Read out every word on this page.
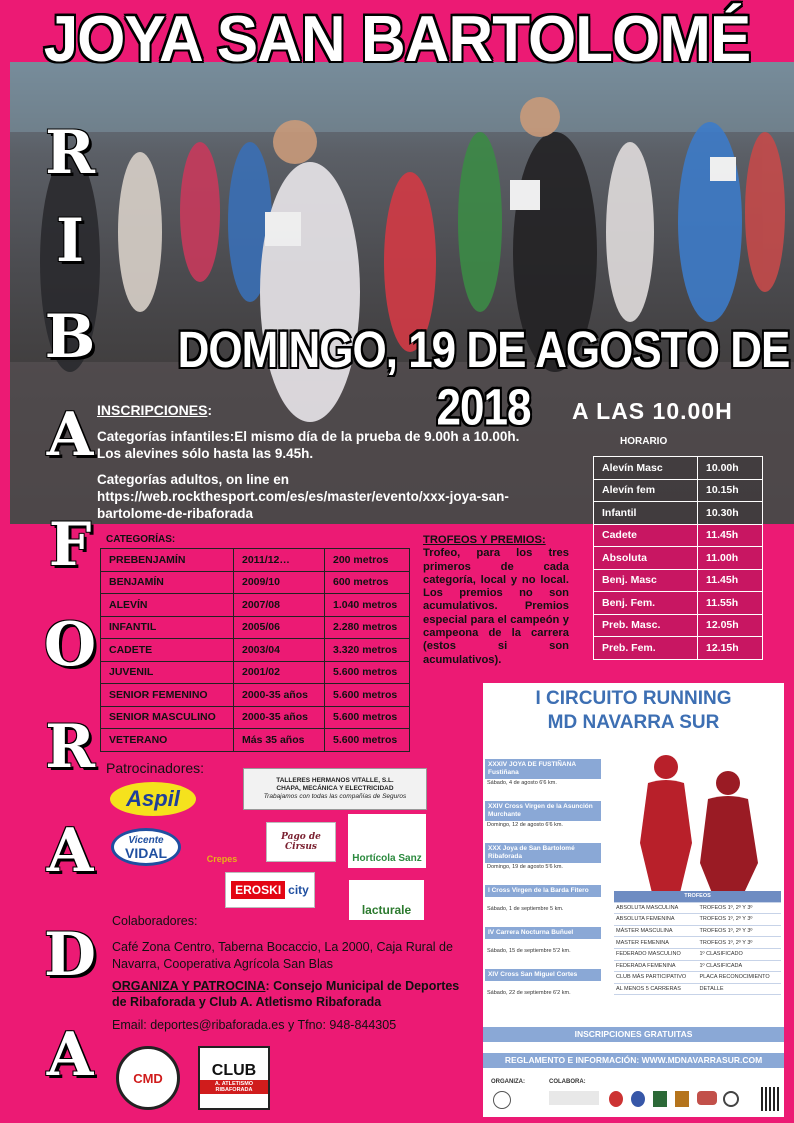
JOYA SAN BARTOLOMÉ
R
I
B
A
F
O
R
A
D
A
DOMINGO, 19 DE AGOSTO DE 2018	A LAS 10.00H

INSCRIPCIONES:

Categorías infantiles:El mismo día de la prueba de 9.00h a 10.00h. Los alevines sólo hasta las 9.45h.

Categorías adultos, on line en https://web.rockthesport.com/es/es/master/evento/xxx-joya-san-bartolome-de-ribaforada

HORARIO
Alevín Masc	10.00h
Alevín fem	10.15h
Infantil	10.30h
Cadete	11.45h
Absoluta	11.00h
Benj. Masc	11.45h
Benj. Fem.	11.55h
Preb. Masc.	12.05h
Preb. Fem.	12.15h
CATEGORÍAS:
PREBENJAMÍN	2011/12…	200 metros
BENJAMÍN	2009/10	600 metros
ALEVÍN	2007/08	1.040 metros
INFANTIL	2005/06	2.280 metros
CADETE	2003/04	3.320 metros
JUVENIL	2001/02	5.600 metros
SENIOR FEMENINO	2000-35 años	5.600 metros
SENIOR MASCULINO	2000-35 años	5.600 metros
VETERANO	Más 35 años	5.600 metros
TROFEOS Y PREMIOS:
Trofeo, para los tres primeros de cada categoría, local y no local. Los premios no son acumulativos. Premios especial para el campeón y campeona de la carrera (estos si son acumulativos).
Patrocinadores:
Aspil
TALLERES HERMANOS VITALLE, S.L.
CHAPA, MECÁNICA Y ELECTRICIDAD
Trabajamos con todas las compañías de Seguros
Vicente
VIDAL	Crepes
Pago de Cirsus
Hortícola Sanz
EROSKI city
lacturale
Colaboradores:
Café Zona Centro, Taberna Bocaccio, La 2000, Caja Rural de Navarra, Cooperativa Agrícola San Blas
ORGANIZA Y PATROCINA: Consejo Municipal de Deportes de Ribaforada y Club A. Atletismo Ribaforada
Email: deportes@ribaforada.es y Tfno: 948-844305
CMD	CLUB
A. ATLETISMO RIBAFORADA
I CIRCUITO RUNNING
MD NAVARRA SUR
XXXIV JOYA DE FUSTIÑANA Fustiñana
Sábado, 4 de agosto 6'6 km.
XXIV Cross Virgen de la Asunción Murchante
Domingo, 12 de agosto 6'6 km.
XXX Joya de San Bartolomé Ribaforada
Domingo, 19 de agosto 5'6 km.
I Cross Virgen de la Barda Fitero
Sábado, 1 de septiembre 5 km.
IV Carrera Nocturna Buñuel
Sábado, 15 de septiembre 5'2 km.
XIV Cross San Miguel Cortes
Sábado, 22 de septiembre 6'2 km.
TROFEOS	
ABSOLUTA MASCULINA	TROFEOS 1º, 2º Y 3º
ABSOLUTA FEMENINA	TROFEOS 1º, 2º Y 3º
MÁSTER MASCULINA	TROFEOS 1º, 2º Y 3º
MASTER FEMENINA	TROFEOS 1º, 2º Y 3º
FEDERADO MASCULINO	1º CLASIFICADO
FEDERADA FEMENINA	1º CLASIFICADA
CLUB MÁS PARTICIPATIVO	PLACA RECONOCIMIENTO
AL MENOS 5 CARRERAS	DETALLE
INSCRIPCIONES GRATUITAS
REGLAMENTO E INFORMACIÓN: WWW.MDNAVARRASUR.COM
ORGANIZA:	COLABORA:
